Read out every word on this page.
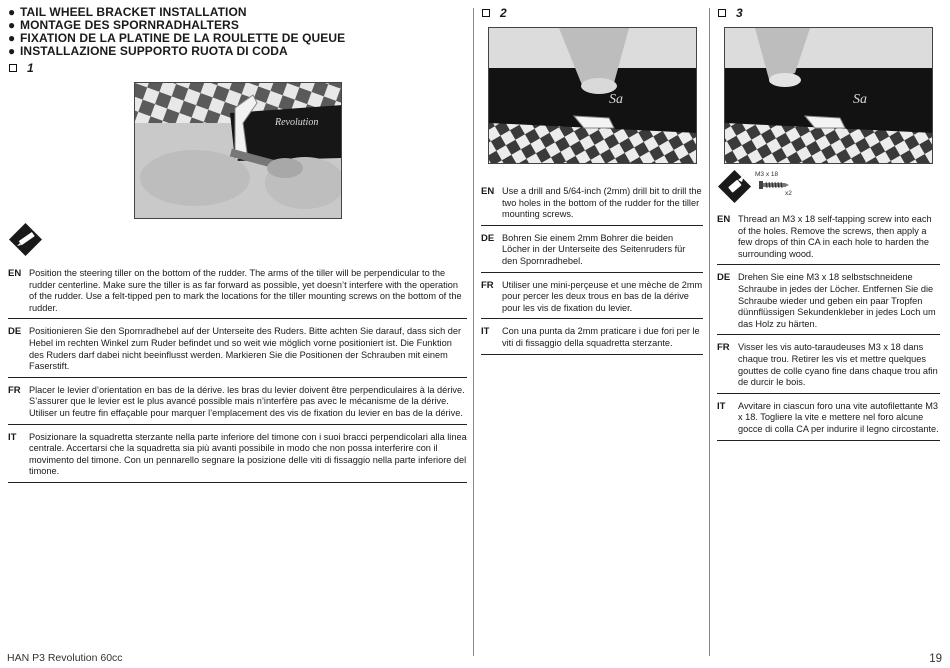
● TAIL WHEEL BRACKET INSTALLATION
● MONTAGE DES SPORNRADHALTERS
● FIXATION DE LA PLATINE DE LA ROULETTE DE QUEUE
● INSTALLAZIONE SUPPORTO RUOTA DI CODA
1
Revolution
EN Position the steering tiller on the bottom of the rudder. The arms of the tiller will be perpendicular to the rudder centerline. Make sure the tiller is as far forward as possible, yet doesn’t interfere with the operation of the rudder. Use a felt-tipped pen to mark the locations for the tiller mounting screws on the bottom of the rudder.
DE Positionieren Sie den Spornradhebel auf der Unterseite des Ruders. Bitte achten Sie darauf, dass sich der Hebel im rechten Winkel zum Ruder befindet und so weit wie möglich vorne positioniert ist. Die Funktion des Ruders darf dabei nicht beeinflusst werden. Markieren Sie die Positionen der Schrauben mit einem Faserstift.
FR Placer le levier d’orientation en bas de la dérive. les bras du levier doivent être perpendiculaires à la dérive. S’assurer que le levier est le plus avancé possible mais n’interfère pas avec le mécanisme de la dérive. Utiliser un feutre fin effaçable pour marquer l’emplacement des vis de fixation du levier en bas de la dérive.
IT	Posizionare la squadretta sterzante nella parte inferiore del timone con i suoi bracci perpendicolari alla linea centrale. Accertarsi che la squadretta sia più avanti possibile in modo che non possa interferire con il movimento del timone. Con un pennarello segnare la posizione delle viti di fissaggio nella parte inferiore del timone.
2
Sa
EN Use a drill and 5/64-inch (2mm) drill bit to drill the two holes in the bottom of the rudder for the tiller mounting screws.
DE Bohren Sie einem 2mm Bohrer die beiden Löcher in der Unterseite des Seitenruders für den Spornradhebel.
FR Utiliser une mini-perçeuse et une mèche de 2mm pour percer les deux trous en bas de la dérive pour les vis de fixation du levier.
IT	Con una punta da 2mm praticare i due fori per le viti di fissaggio della squadretta sterzante.
3
Sa
M3 x 18
x2
EN Thread an M3 x 18 self-tapping screw into each of the holes. Remove the screws, then apply a few drops of thin CA in each hole to harden the surrounding wood.
DE Drehen Sie eine M3 x 18 selbstschneidene Schraube in jedes der Löcher. Entfernen Sie die Schraube wieder und geben ein paar Tropfen dünnflüssigen Sekundenkleber in jedes Loch um das Holz zu härten.
FR Visser les vis auto-taraudeuses M3 x 18 dans chaque trou. Retirer les vis et mettre quelques gouttes de colle cyano fine dans chaque trou afin de durcir le bois.
IT	Avvitare in ciascun foro una vite autofilettante M3 x 18. Togliere la vite e mettere nel foro alcune gocce di colla CA per indurire il legno circostante.
HAN P3 Revolution 60cc	19
